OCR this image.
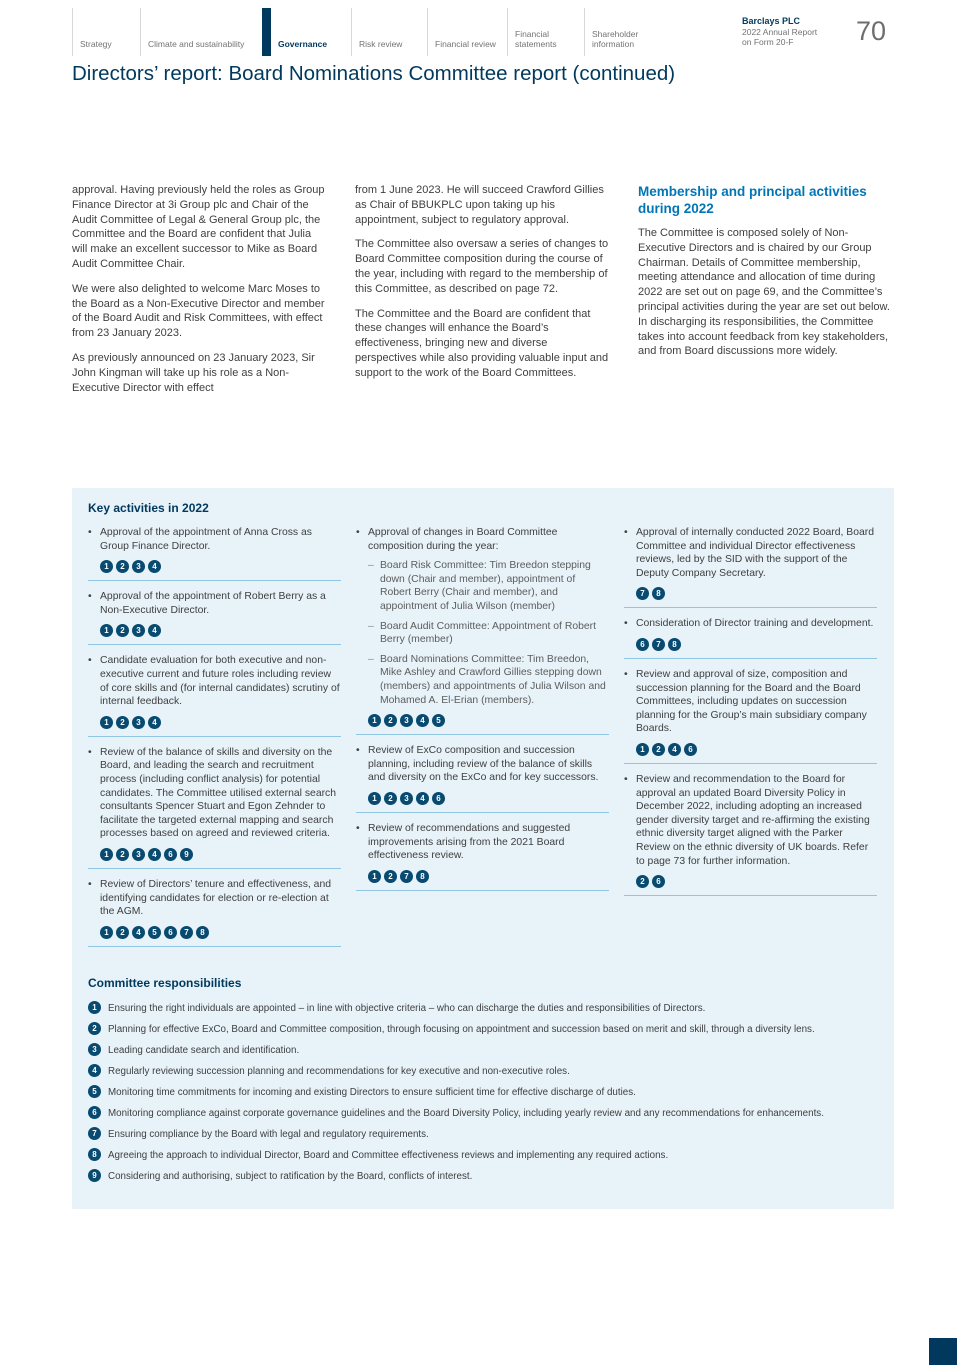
Strategy	Climate and sustainability	Governance	Risk review	Financial review
Financial statements
Shareholder information
Barclays PLC
2022 Annual Report
on Form 20-F	70
Directors’ report: Board Nominations Committee report (continued)

approval. Having previously held the roles as Group Finance Director at 3i Group plc and Chair of the Audit Committee of Legal & General Group plc, the Committee and the Board are confident that Julia will make an excellent successor to Mike as Board Audit Committee Chair.

We were also delighted to welcome Marc Moses to the Board as a Non-Executive Director and member of the Board Audit and Risk Committees, with effect from 23 January 2023.

As previously announced on 23 January 2023, Sir John Kingman will take up his role as a Non-Executive Director with effect

from 1 June 2023. He will succeed Crawford Gillies as Chair of BBUKPLC upon taking up his appointment, subject to regulatory approval.

The Committee also oversaw a series of changes to Board Committee composition during the course of the year, including with regard to the membership of this Committee, as described on page 72.

The Committee and the Board are confident that these changes will enhance the Board’s effectiveness, bringing new and diverse perspectives while also providing valuable input and support to the work of the Board Committees.

Membership and principal activities during 2022

The Committee is composed solely of Non-Executive Directors and is chaired by our Group Chairman. Details of Committee membership, meeting attendance and allocation of time during 2022 are set out on page 69, and the Committee’s principal activities during the year are set out below. In discharging its responsibilities, the Committee takes into account feedback from key stakeholders, and from Board discussions more widely.

Key activities in 2022
• Approval of the appointment of Anna Cross as Group Finance Director.
1	2	3	4
• Approval of the appointment of Robert Berry as a Non-Executive Director.
1	2	3	4
• Candidate evaluation for both executive and non-executive current and future roles including review of core skills and (for internal candidates) scrutiny of internal feedback.
1	2	3	4
• Review of the balance of skills and diversity on the Board, and leading the search and recruitment process (including conflict analysis) for potential candidates. The Committee utilised external search consultants Spencer Stuart and Egon Zehnder to facilitate the targeted external mapping and search processes based on agreed and reviewed criteria.
1	2	3	4	6	9
• Review of Directors’ tenure and effectiveness, and identifying candidates for election or re-election at the AGM.
1	2	4	5	6	7	8
• Approval of changes in Board Committee composition during the year:
– Board Risk Committee: Tim Breedon stepping down (Chair and member), appointment of Robert Berry (Chair and member), and appointment of Julia Wilson (member)
– Board Audit Committee: Appointment of Robert Berry (member)
– Board Nominations Committee: Tim Breedon, Mike Ashley and Crawford Gillies stepping down (members) and appointments of Julia Wilson and Mohamed A. El-Erian (members).
1	2	3	4	5
• Review of ExCo composition and succession planning, including review of the balance of skills and diversity on the ExCo and for key successors.
1	2	3	4	6
• Review of recommendations and suggested improvements arising from the 2021 Board effectiveness review.
1	2	7	8
• Approval of internally conducted 2022 Board, Board Committee and individual Director effectiveness reviews, led by the SID with the support of the Deputy Company Secretary.
7	8
• Consideration of Director training and development.
6	7	8
• Review and approval of size, composition and succession planning for the Board and the Board Committees, including updates on succession planning for the Group’s main subsidiary company Boards.
1	2	4	6
• Review and recommendation to the Board for approval an updated Board Diversity Policy in December 2022, including adopting an increased gender diversity target and re-affirming the existing ethnic diversity target aligned with the Parker Review on the ethnic diversity of UK boards. Refer to page 73 for further information.
2	6
Committee responsibilities
1	Ensuring the right individuals are appointed – in line with objective criteria – who can discharge the duties and responsibilities of Directors.
2	Planning for effective ExCo, Board and Committee composition, through focusing on appointment and succession based on merit and skill, through a diversity lens.
3	Leading candidate search and identification.
4	Regularly reviewing succession planning and recommendations for key executive and non-executive roles.
5	Monitoring time commitments for incoming and existing Directors to ensure sufficient time for effective discharge of duties.
6	Monitoring compliance against corporate governance guidelines and the Board Diversity Policy, including yearly review and any recommendations for enhancements.
7	Ensuring compliance by the Board with legal and regulatory requirements.
8	Agreeing the approach to individual Director, Board and Committee effectiveness reviews and implementing any required actions.
9	Considering and authorising, subject to ratification by the Board, conflicts of interest.
